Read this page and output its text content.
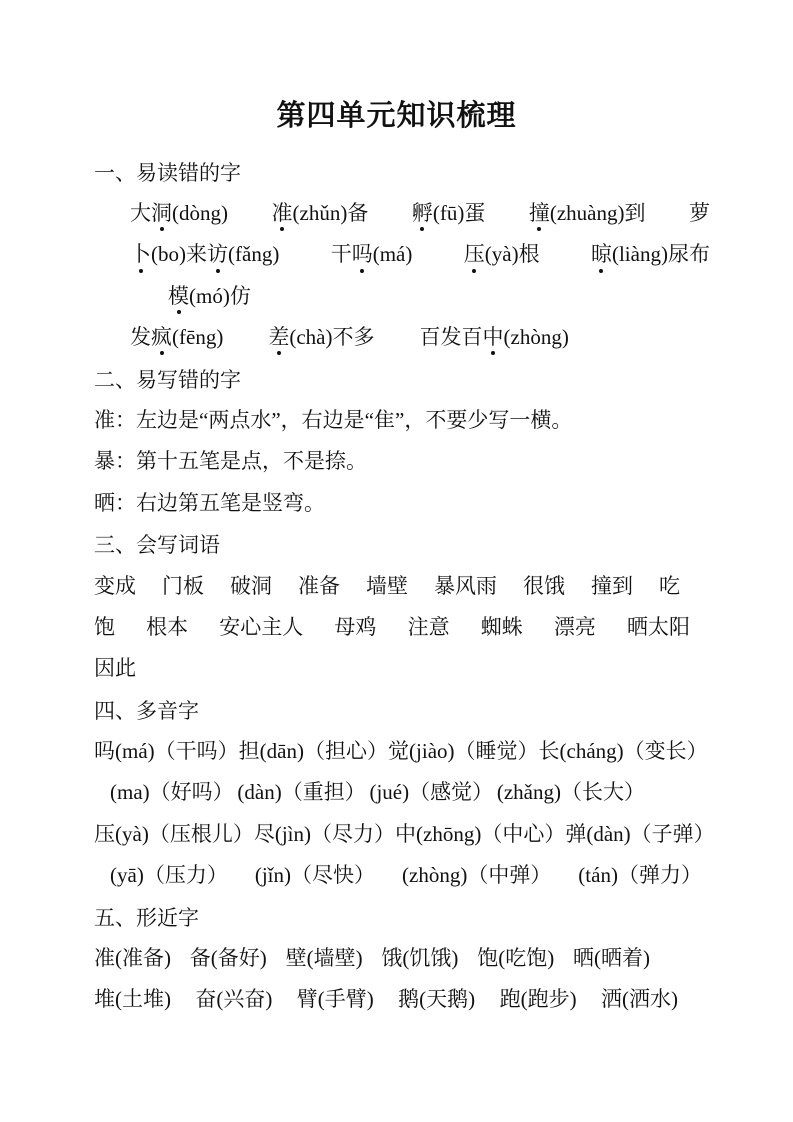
第四单元知识梳理
一、易读错的字
大洞(dòng) 准(zhǔn)备 孵(fū)蛋 撞(zhuàng)到 萝
卜(bo)来访(fǎng) 干吗(má) 压(yà)根 晾(liàng)尿布
模(mó)仿
发疯(fēng) 差(chà)不多 百发百中(zhòng)
二、易写错的字
准：左边是“两点水”，右边是“隹”，不要少写一横。
暴：第十五笔是点，不是捺。
晒：右边第五笔是竖弯。
三、会写词语
变成 门板 破洞 准备 墙壁 暴风雨 很饿 撞到 吃
饱 根本 安心主人 母鸡 注意 蜘蛛 漂亮 晒太阳
因此
四、多音字
吗(má)（干吗） 担(dān)（担心） 觉(jiào)（睡觉） 长(cháng)（变长）
(ma)（好吗） (dàn)（重担） (jué)（感觉） (zhǎng)（长大）
压(yà)（压根儿） 尽(jìn)（尽力） 中(zhōng)（中心） 弹(dàn)（子弹）
(yā)（压力） (jǐn)（尽快） (zhòng)（中弹） (tán)（弹力）
五、形近字
准(准备) 备(备好) 壁(墙壁) 饿(饥饿) 饱(吃饱) 晒(晒着)
堆(土堆) 奋(兴奋) 臂(手臂) 鹅(天鹅) 跑(跑步) 洒(洒水)
